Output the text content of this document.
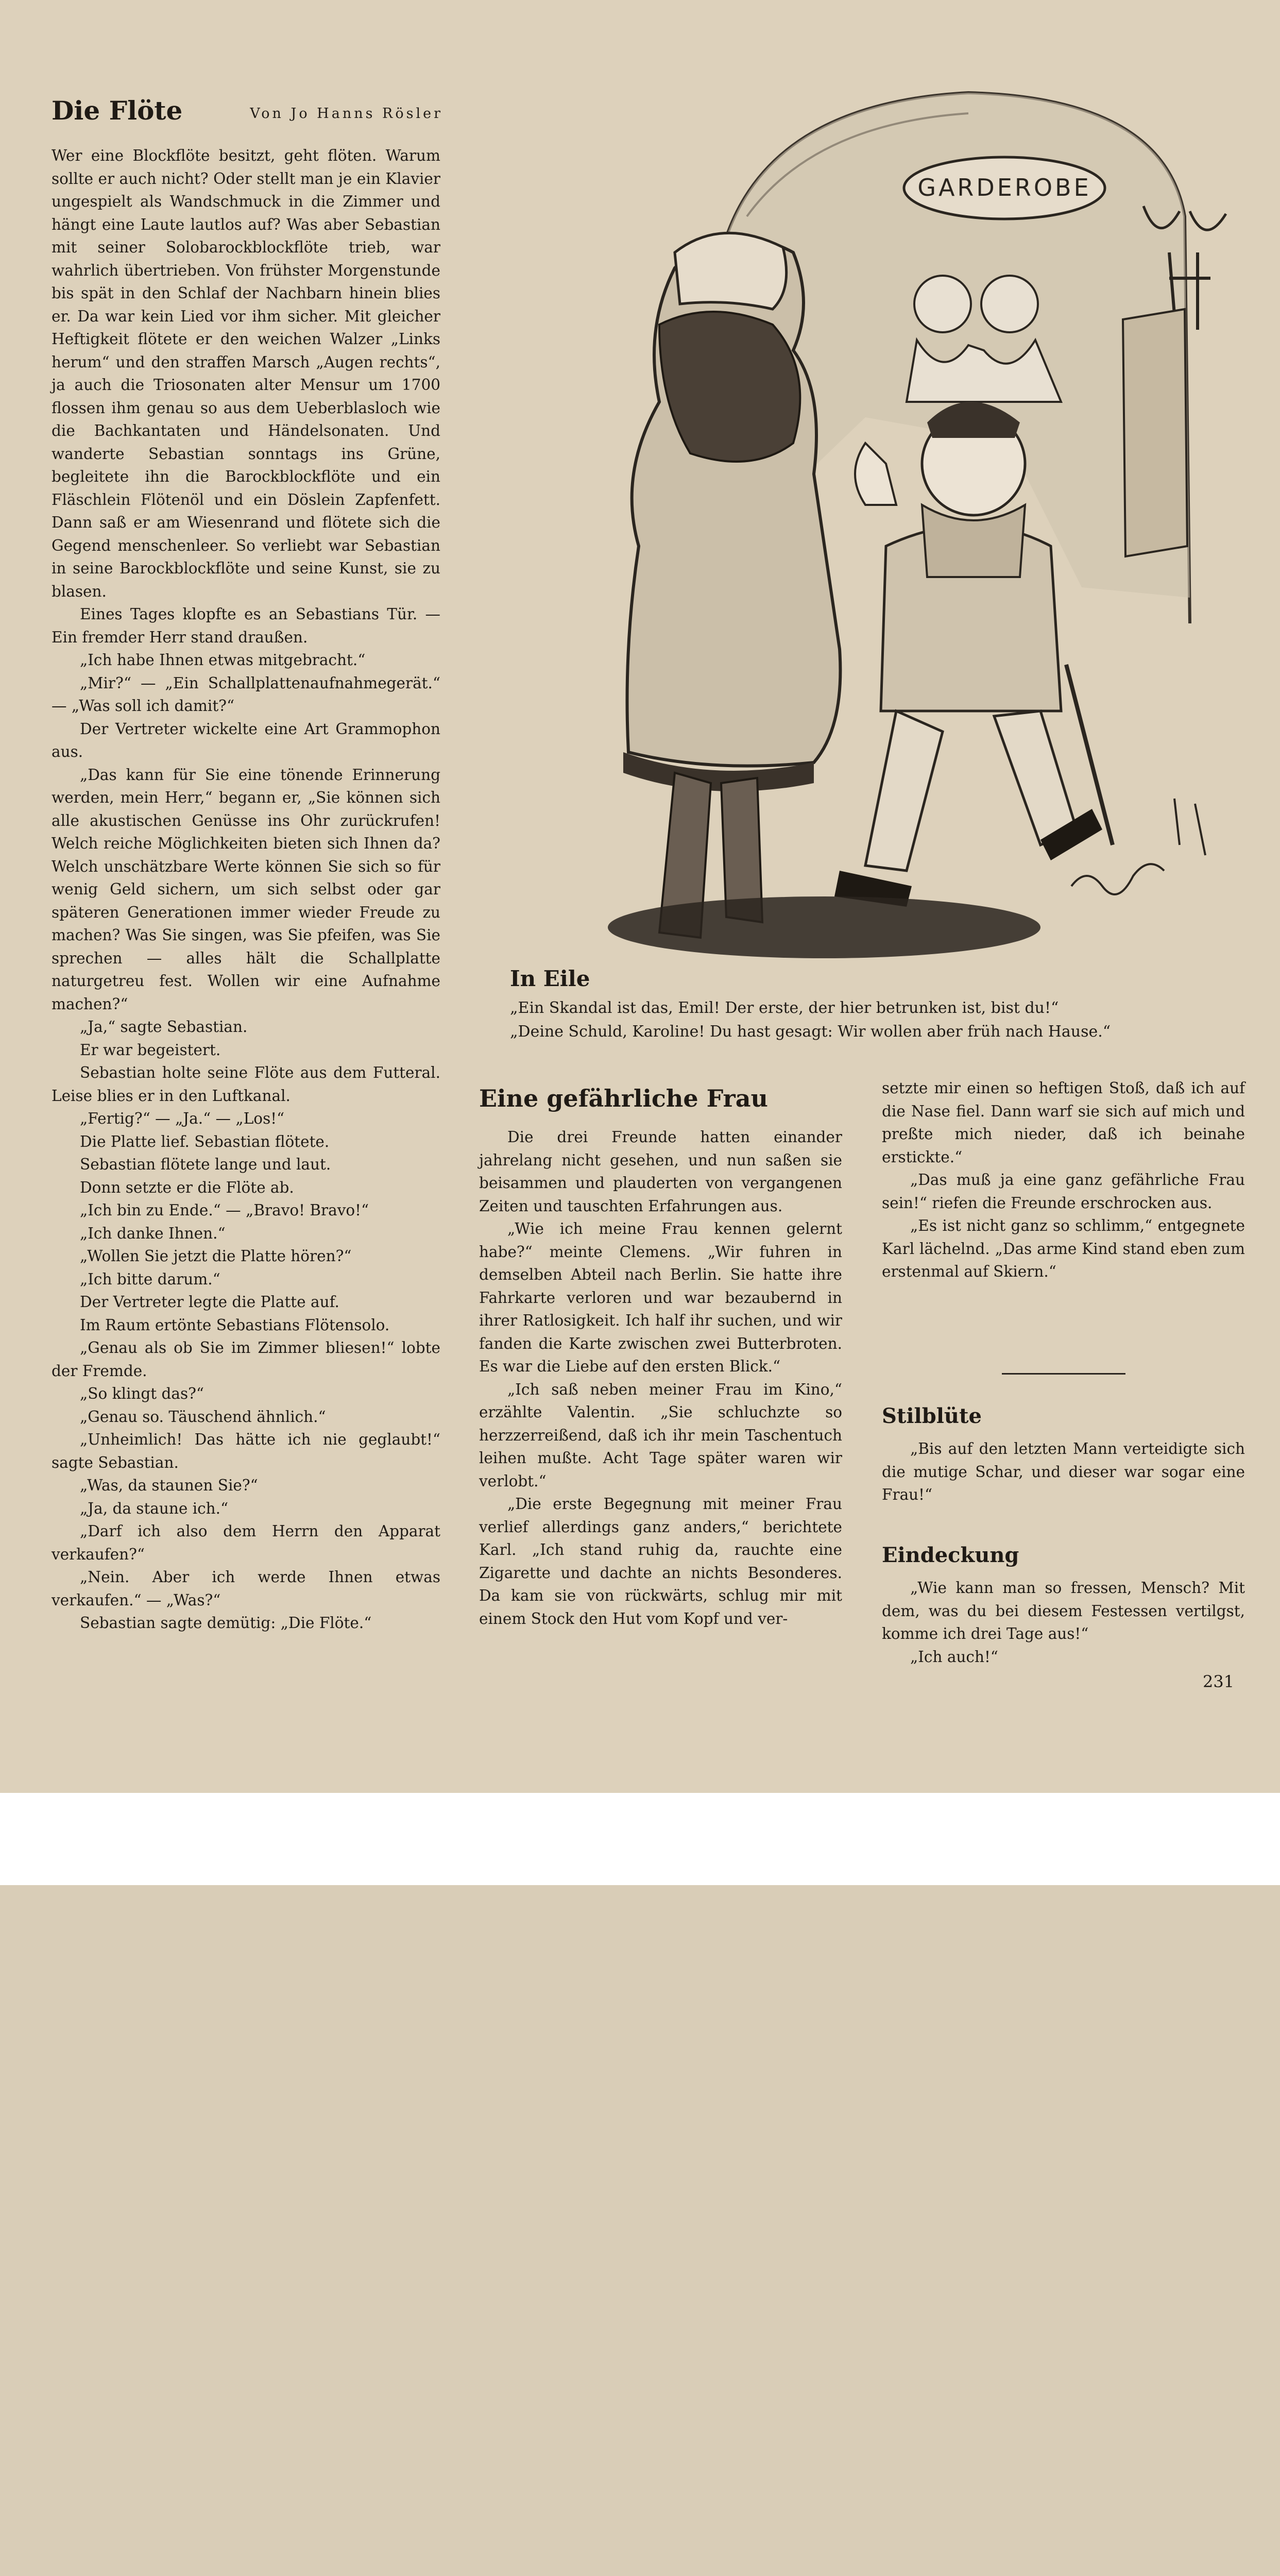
Die Flöte	Von Jo Hanns Rösler

Wer eine Blockflöte besitzt, geht flöten. Warum sollte er auch nicht? Oder stellt man je ein Klavier ungespielt als Wandschmuck in die Zimmer und hängt eine Laute lautlos auf? Was aber Sebastian mit seiner Solobarockblockflöte trieb, war wahrlich übertrieben. Von frühster Morgenstunde bis spät in den Schlaf der Nachbarn hinein blies er. Da war kein Lied vor ihm sicher. Mit gleicher Heftigkeit flötete er den weichen Walzer „Links herum“ und den straffen Marsch „Augen rechts“, ja auch die Triosonaten alter Mensur um 1700 flossen ihm genau so aus dem Ueberblasloch wie die Bachkantaten und Händelsonaten. Und wanderte Sebastian sonntags ins Grüne, begleitete ihn die Barockblockflöte und ein Fläschlein Flötenöl und ein Döslein Zapfenfett. Dann saß er am Wiesenrand und flötete sich die Gegend menschenleer. So verliebt war Sebastian in seine Barockblockflöte und seine Kunst, sie zu blasen.

Eines Tages klopfte es an Sebastians Tür. — Ein fremder Herr stand draußen.

„Ich habe Ihnen etwas mitgebracht.“

„Mir?“ — „Ein Schallplattenaufnahmegerät.“ — „Was soll ich damit?“

Der Vertreter wickelte eine Art Grammophon aus.

„Das kann für Sie eine tönende Erinnerung werden, mein Herr,“ begann er, „Sie können sich alle akustischen Genüsse ins Ohr zurückrufen! Welch reiche Möglichkeiten bieten sich Ihnen da? Welch unschätzbare Werte können Sie sich so für wenig Geld sichern, um sich selbst oder gar späteren Generationen immer wieder Freude zu machen? Was Sie singen, was Sie pfeifen, was Sie sprechen — alles hält die Schallplatte naturgetreu fest. Wollen wir eine Aufnahme machen?“

„Ja,“ sagte Sebastian.

Er war begeistert.

Sebastian holte seine Flöte aus dem Futteral. Leise blies er in den Luftkanal.

„Fertig?“ — „Ja.“ — „Los!“

Die Platte lief. Sebastian flötete.

Sebastian flötete lange und laut.

Donn setzte er die Flöte ab.

„Ich bin zu Ende.“ — „Bravo! Bravo!“

„Ich danke Ihnen.“

„Wollen Sie jetzt die Platte hören?“

„Ich bitte darum.“

Der Vertreter legte die Platte auf.

Im Raum ertönte Sebastians Flötensolo.

„Genau als ob Sie im Zimmer bliesen!“ lobte der Fremde.

„So klingt das?“

„Genau so. Täuschend ähnlich.“

„Unheimlich! Das hätte ich nie geglaubt!“ sagte Sebastian.

„Was, da staunen Sie?“

„Ja, da staune ich.“

„Darf ich also dem Herrn den Apparat verkaufen?“

„Nein. Aber ich werde Ihnen etwas verkaufen.“ — „Was?“

Sebastian sagte demütig: „Die Flöte.“

GARDEROBE
In Eile
„Ein Skandal ist das, Emil! Der erste, der hier betrunken ist, bist du!“
„Deine Schuld, Karoline! Du hast gesagt: Wir wollen aber früh nach Hause.“
Eine gefährliche Frau

Die drei Freunde hatten einander jahrelang nicht gesehen, und nun saßen sie beisammen und plauderten von vergangenen Zeiten und tauschten Erfahrungen aus.

„Wie ich meine Frau kennen gelernt habe?“ meinte Clemens. „Wir fuhren in demselben Abteil nach Berlin. Sie hatte ihre Fahrkarte verloren und war bezaubernd in ihrer Ratlosigkeit. Ich half ihr suchen, und wir fanden die Karte zwischen zwei Butterbroten. Es war die Liebe auf den ersten Blick.“

„Ich saß neben meiner Frau im Kino,“ erzählte Valentin. „Sie schluchzte so herzzerreißend, daß ich ihr mein Taschentuch leihen mußte. Acht Tage später waren wir verlobt.“

„Die erste Begegnung mit meiner Frau verlief allerdings ganz anders,“ berichtete Karl. „Ich stand ruhig da, rauchte eine Zigarette und dachte an nichts Besonderes. Da kam sie von rückwärts, schlug mir mit einem Stock den Hut vom Kopf und ver-

setzte mir einen so heftigen Stoß, daß ich auf die Nase fiel. Dann warf sie sich auf mich und preßte mich nieder, daß ich beinahe erstickte.“

„Das muß ja eine ganz gefährliche Frau sein!“ riefen die Freunde erschrocken aus.

„Es ist nicht ganz so schlimm,“ entgegnete Karl lächelnd. „Das arme Kind stand eben zum erstenmal auf Skiern.“

Stilblüte

„Bis auf den letzten Mann verteidigte sich die mutige Schar, und dieser war sogar eine Frau!“

Eindeckung

„Wie kann man so fressen, Mensch? Mit dem, was du bei diesem Festessen vertilgst, komme ich drei Tage aus!“

„Ich auch!“

231
